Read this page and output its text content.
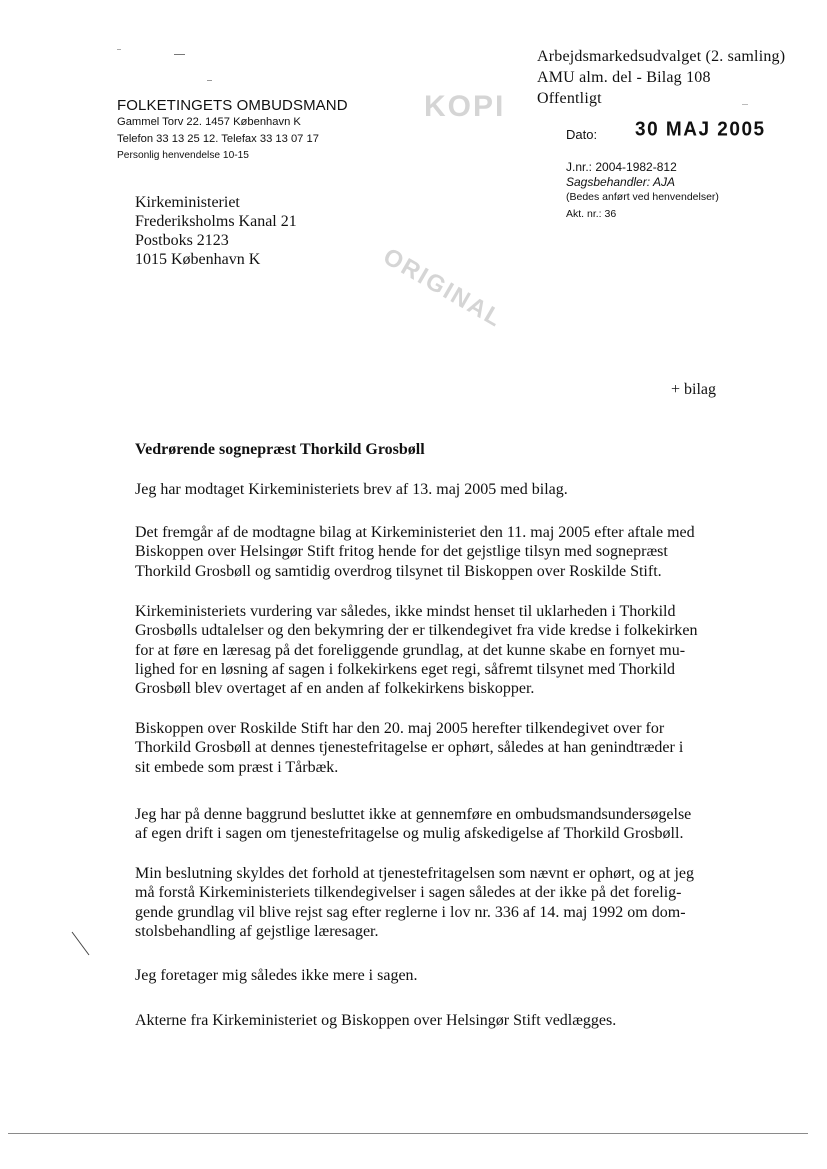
Arbejdsmarkedsudvalget (2. samling)
AMU alm. del - Bilag 108
Offentligt
FOLKETINGETS OMBUDSMAND
Gammel Torv 22. 1457 København K
Telefon 33 13 25 12. Telefax 33 13 07 17
Personlig henvendelse 10-15
KOPI
Dato: 30 MAJ 2005
J.nr.: 2004-1982-812
Sagsbehandler: AJA
(Bedes anført ved henvendelser)
Akt. nr.: 36
ORIGINAL
Kirkeministeriet
Frederiksholms Kanal 21
Postboks 2123
1015 København K
+ bilag
Vedrørende sognepræst Thorkild Grosbøll
Jeg har modtaget Kirkeministeriets brev af 13. maj 2005 med bilag.
Det fremgår af de modtagne bilag at Kirkeministeriet den 11. maj 2005 efter aftale med
Biskoppen over Helsingør Stift fritog hende for det gejstlige tilsyn med sognepræst
Thorkild Grosbøll og samtidig overdrog tilsynet til Biskoppen over Roskilde Stift.
Kirkeministeriets vurdering var således, ikke mindst henset til uklarheden i Thorkild
Grosbølls udtalelser og den bekymring der er tilkendegivet fra vide kredse i folkekirken
for at føre en læresag på det foreliggende grundlag, at det kunne skabe en fornyet mu-
lighed for en løsning af sagen i folkekirkens eget regi, såfremt tilsynet med Thorkild
Grosbøll blev overtaget af en anden af folkekirkens biskopper.
Biskoppen over Roskilde Stift har den 20. maj 2005 herefter tilkendegivet over for
Thorkild Grosbøll at dennes tjenestefritagelse er ophørt, således at han genindtræder i
sit embede som præst i Tårbæk.
Jeg har på denne baggrund besluttet ikke at gennemføre en ombudsmandsundersøgelse
af egen drift i sagen om tjenestefritagelse og mulig afskedigelse af Thorkild Grosbøll.
Min beslutning skyldes det forhold at tjenestefritagelsen som nævnt er ophørt, og at jeg
må forstå Kirkeministeriets tilkendegivelser i sagen således at der ikke på det forelig-
gende grundlag vil blive rejst sag efter reglerne i lov nr. 336 af 14. maj 1992 om dom-
stolsbehandling af gejstlige læresager.
Jeg foretager mig således ikke mere i sagen.
Akterne fra Kirkeministeriet og Biskoppen over Helsingør Stift vedlægges.
